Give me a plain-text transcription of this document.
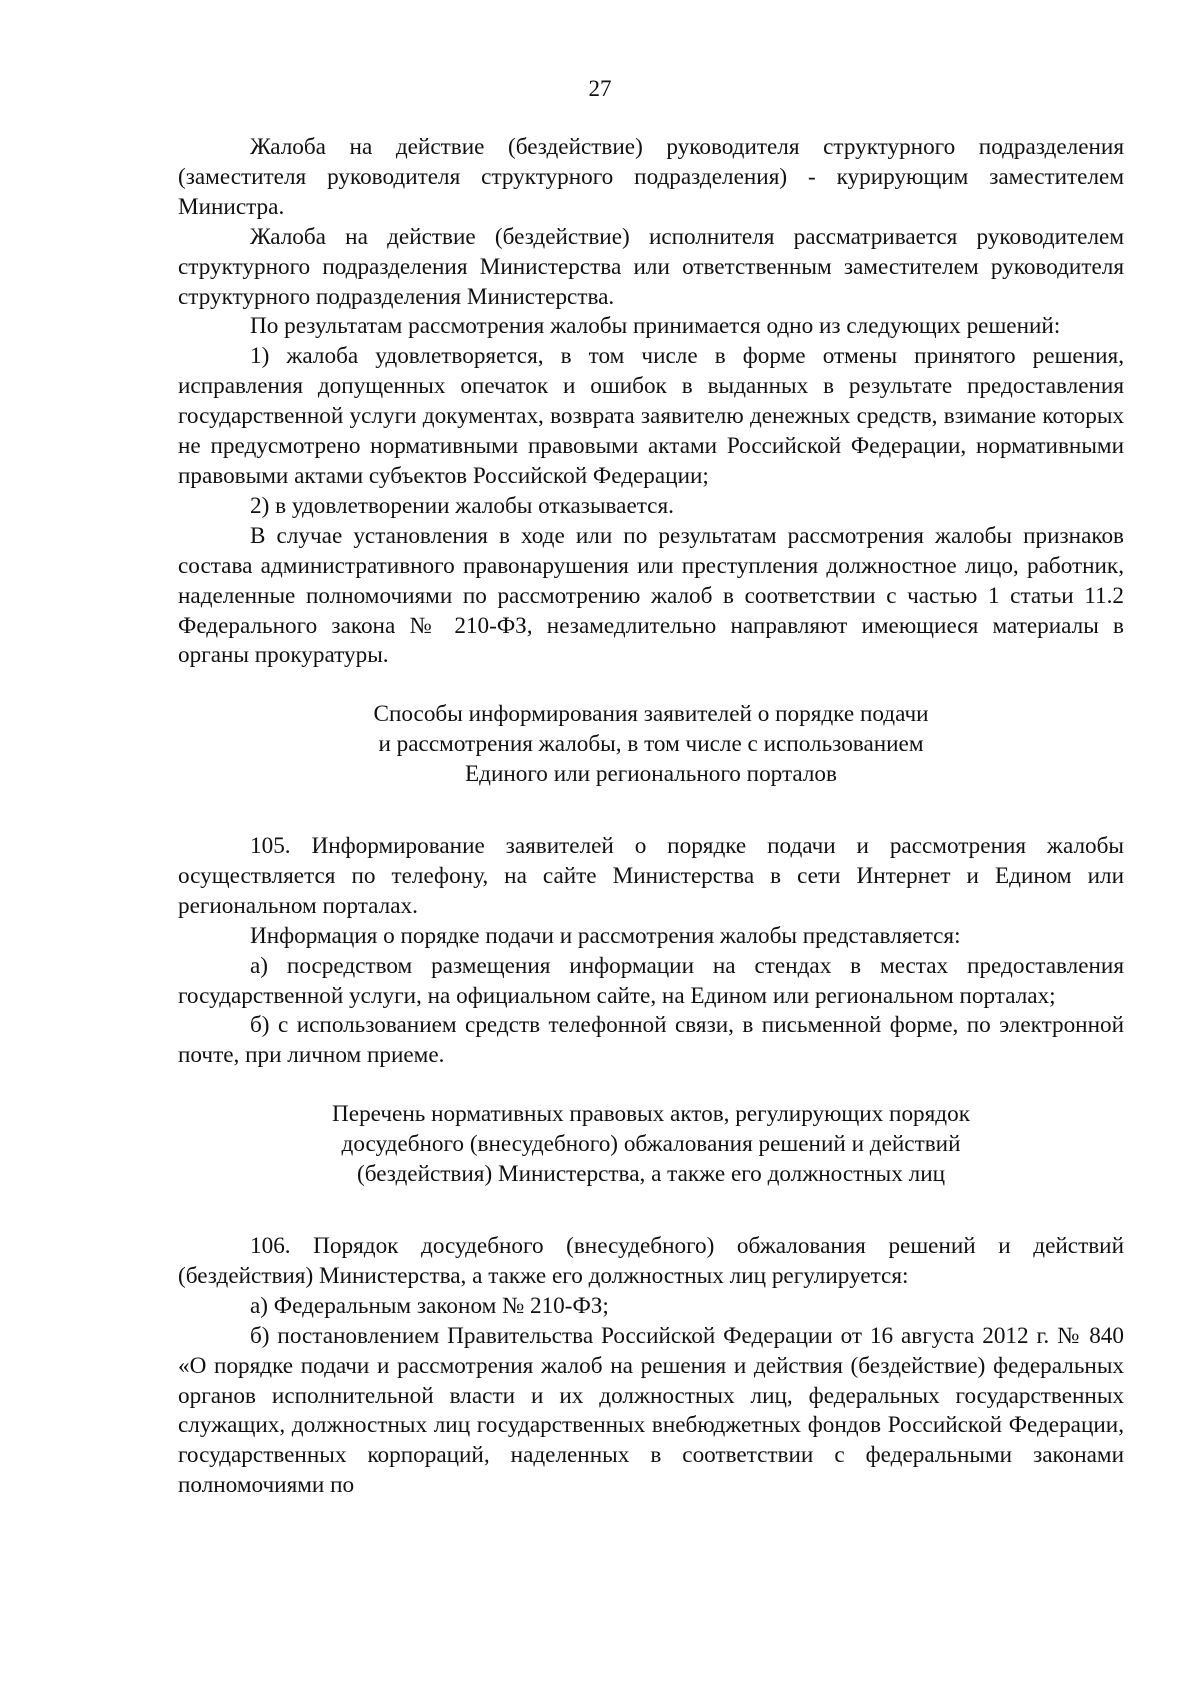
27

Жалоба на действие (бездействие) руководителя структурного подразделения (заместителя руководителя структурного подразделения) - курирующим заместителем Министра.

Жалоба на действие (бездействие) исполнителя рассматривается руководителем структурного подразделения Министерства или ответственным заместителем руководителя структурного подразделения Министерства.

По результатам рассмотрения жалобы принимается одно из следующих решений:

1) жалоба удовлетворяется, в том числе в форме отмены принятого решения, исправления допущенных опечаток и ошибок в выданных в результате предоставления государственной услуги документах, возврата заявителю денежных средств, взимание которых не предусмотрено нормативными правовыми актами Российской Федерации, нормативными правовыми актами субъектов Российской Федерации;

2) в удовлетворении жалобы отказывается.

В случае установления в ходе или по результатам рассмотрения жалобы признаков состава административного правонарушения или преступления должностное лицо, работник, наделенные полномочиями по рассмотрению жалоб в соответствии с частью 1 статьи 11.2 Федерального закона № 210-ФЗ, незамедлительно направляют имеющиеся материалы в органы прокуратуры.

Способы информирования заявителей о порядке подачи
и рассмотрения жалобы, в том числе с использованием
Единого или регионального порталов

105. Информирование заявителей о порядке подачи и рассмотрения жалобы осуществляется по телефону, на сайте Министерства в сети Интернет и Едином или региональном порталах.

Информация о порядке подачи и рассмотрения жалобы представляется:

а) посредством размещения информации на стендах в местах предоставления государственной услуги, на официальном сайте, на Едином или региональном порталах;

б) с использованием средств телефонной связи, в письменной форме, по электронной почте, при личном приеме.

Перечень нормативных правовых актов, регулирующих порядок
досудебного (внесудебного) обжалования решений и действий
(бездействия) Министерства, а также его должностных лиц

106. Порядок досудебного (внесудебного) обжалования решений и действий (бездействия) Министерства, а также его должностных лиц регулируется:

а) Федеральным законом № 210-ФЗ;

б) постановлением Правительства Российской Федерации от 16 августа 2012 г. № 840 «О порядке подачи и рассмотрения жалоб на решения и действия (бездействие) федеральных органов исполнительной власти и их должностных лиц, федеральных государственных служащих, должностных лиц государственных внебюджетных фондов Российской Федерации, государственных корпораций, наделенных в соответствии с федеральными законами полномочиями по
